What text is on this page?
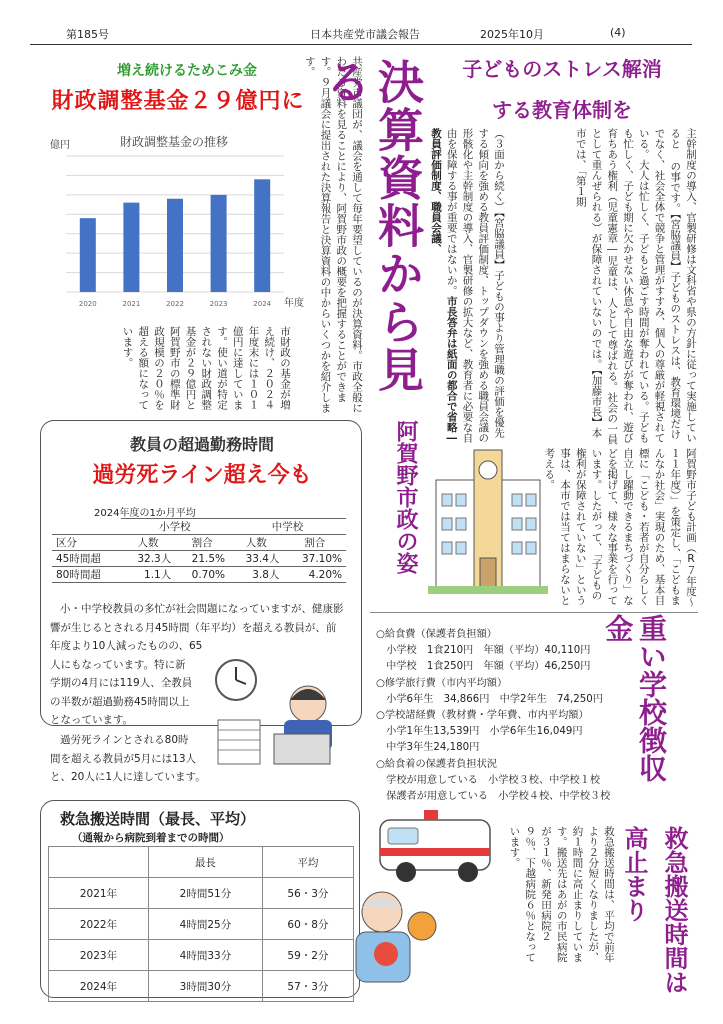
第185号	日本共産党市議会報告	2025年10月	(4)
増え続けるためこみ金
財政調整基金２９億円に
財政調整基金の推移
億円
年度
2020	2021	2022	2023	2024
市財政の基金が増え続け、２０２４年度末には１０１億円に達しています。使い道が特定されない財政調整基金が２９億円と阿賀野市の標準財政規模の２０％を超える額になっています。	共産党市議団が、議会を通して毎年要望しているのが決算資料。市政全般にわたる資料を見ることにより、阿賀野市政の概要を把握することができます。９月議会に提出された決算報告と決算資料の中からいくつかを紹介します。	決算資料から見る
阿賀野市政の姿
子どものストレス解消
する教育体制を
（３面から続く）【宮脇議員】子どもの事より管理職の評価を優先する傾向を強める教員評価制度、トップダウンを強める職員会議の形骸化や主幹制度の導入、官製研修の拡大など、教育者に必要な自由を保障する事が重要ではないか。市長答弁は紙面の都合で省略―教員評価制度、職員会議、	主幹制度の導入、官製研修は文科省や県の方針に従って実施していると の事です。【宮脇議員】子どものストレスは、教育環境だけでなく、社会全体で競争と管理がすすみ、個人の尊厳が軽視されている。大人は忙しく、子どもと過ごす時間が奪われている。子どもも忙しく、子ども期に欠かせない休息や自由な遊びが奪われ、遊び育ちあう権利（児童憲章―児童は、人として尊ばれる。社会の一員として重んぜられる）が保障されていないのでは。【加藤市長】本市では、「第１期
阿賀野市子ども計画（R７年度～１１年度）」を策定し、「こどもまんなか社会」実現のため、基本目標に「こども・若者が自分らしく自立し躍動できるまちづくり」などを掲げて、様々な事業を行っています。したがって、「子どもの権利が保障されていない」という事は、本市では当てはまらないと考える。
教員の超過勤務時間
過労死ライン超え今も
2024年度の1か月平均
	小学校		中学校	
区分	人数	割合	人数	割合
45時間超	32.3人	21.5%	33.4人	37.10%
80時間超	1.1人	0.70%	3.8人	4.20%
小・中学校教員の多忙が社会問題になっていますが、健康影
響が生じるとされる月45時間（年平均）を超える教員が、前
年度より10人減ったものの、65
人にもなっています。特に新
学期の4月には119人、全教員
の半数が超過勤務45時間以上
となっています。
過労死ラインとされる80時
間を超える教員が5月には13人
と、20人に1人に達しています。
○給食費（保護者負担額）
　小学校　1食210円　年額（平均）40,110円
　中学校　1食250円　年額（平均）46,250円
○修学旅行費（市内平均額）
　小学6年生　34,866円　中学2年生　74,250円
○学校諸経費（教材費・学年費、市内平均額）
　小学1年生13,539円　小学6年生16,049円
　中学3年生24,180円
○給食着の保護者負担状況
　学校が用意している　小学校３校、中学校１校
　保護者が用意している　小学校４校、中学校３校
重い学校徴収金
救急搬送時間（最長、平均）
（通報から病院到着までの時間）
	最長	平均
2021年	2時間51分	56・3分
2022年	4時間25分	60・8分
2023年	4時間33分	59・2分
2024年	3時間30分	57・3分
救急搬送時間は、平均で前年より２分短くなりましたが、約１時間に高止まりしています。搬送先はあがの市民病院が３１％、新発田病院２９％、下越病院６％となっています。	救急搬送時間は
高止まり
